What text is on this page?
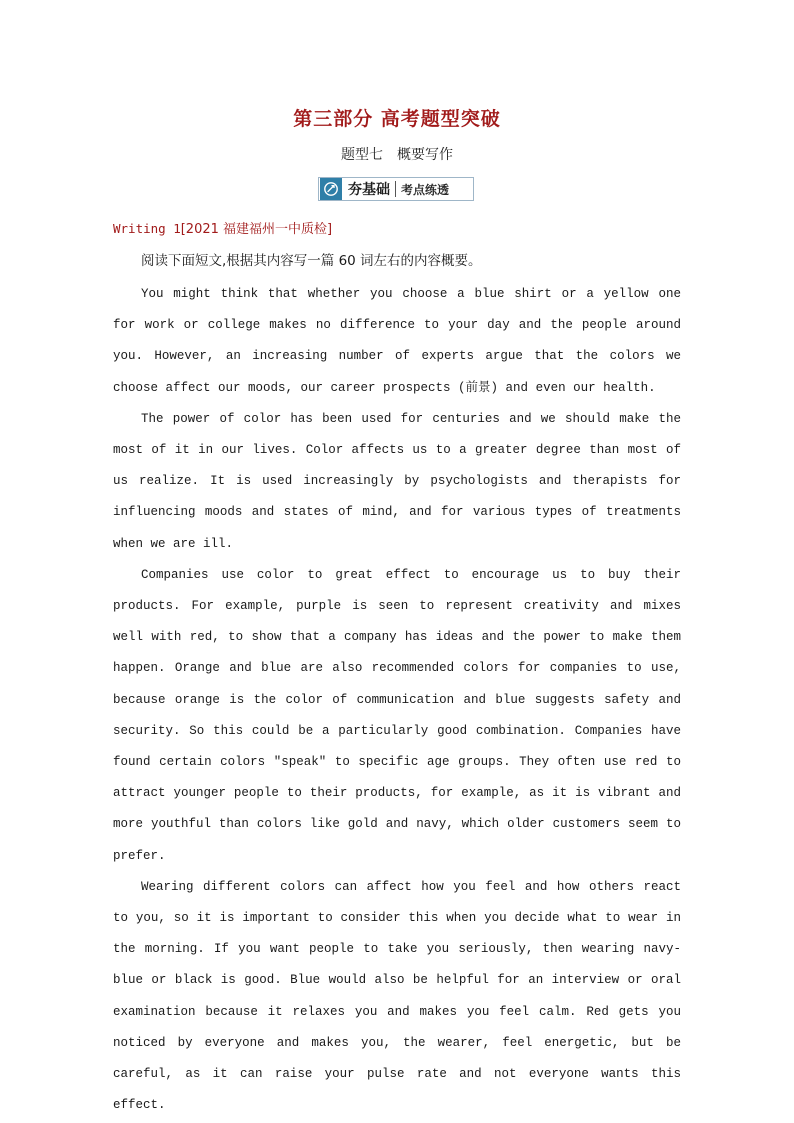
第三部分 高考题型突破
题型七　概要写作
夯基础 考点练透
Writing 1[2021 福建福州一中质检]
阅读下面短文,根据其内容写一篇 60 词左右的内容概要。

You might think that whether you choose a blue shirt or a yellow one for work or college makes no difference to your day and the people around you. However, an increasing number of experts argue that the colors we choose affect our moods, our career prospects (前景) and even our health.

The power of color has been used for centuries and we should make the most of it in our lives. Color affects us to a greater degree than most of us realize. It is used increasingly by psychologists and therapists for influencing moods and states of mind, and for various types of treatments when we are ill.

Companies use color to great effect to encourage us to buy their products. For example, purple is seen to represent creativity and mixes well with red, to show that a company has ideas and the power to make them happen. Orange and blue are also recommended colors for companies to use, because orange is the color of communication and blue suggests safety and security. So this could be a particularly good combination. Companies have found certain colors "speak" to specific age groups. They often use red to attract younger people to their products, for example, as it is vibrant and more youthful than colors like gold and navy, which older customers seem to prefer.

Wearing different colors can affect how you feel and how others react to you, so it is important to consider this when you decide what to wear in the morning. If you want people to take you seriously, then wearing navy-blue or black is good. Blue would also be helpful for an interview or oral examination because it relaxes you and makes you feel calm. Red gets you noticed by everyone and makes you, the wearer, feel energetic, but be careful, as it can raise your pulse rate and not everyone wants this effect.
